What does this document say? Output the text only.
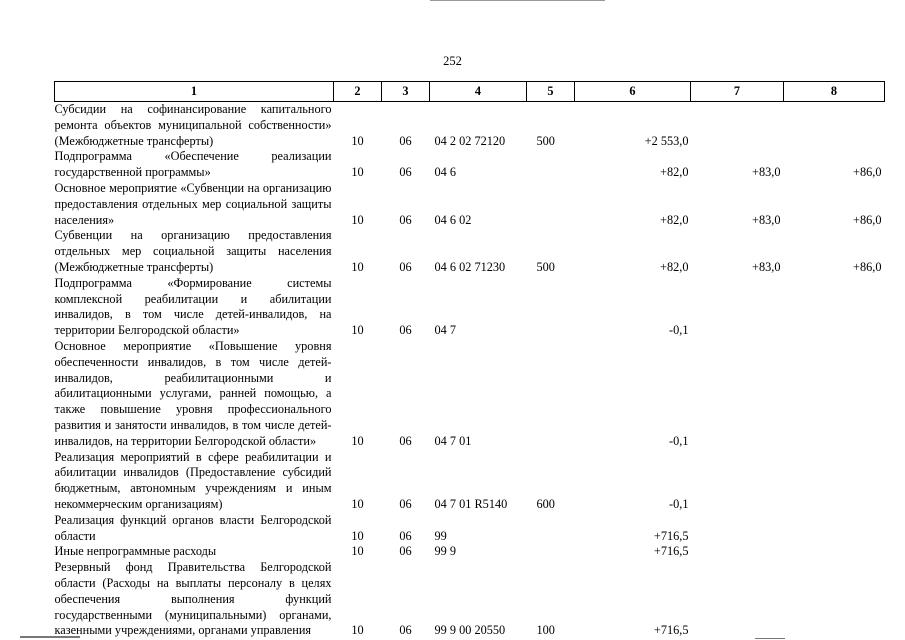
252
1	2	3	4	5	6	7	8
Субсидии на софинансирование капитального ремонта объектов муниципальной собственности» (Межбюджетные трансферты)	10	06	04 2 02 72120	500	+2 553,0		
Подпрограмма «Обеспечение реализации государственной программы»	10	06	04 6		+82,0	+83,0	+86,0
Основное мероприятие «Субвенции на организацию предоставления отдельных мер социальной защиты населения»	10	06	04 6 02		+82,0	+83,0	+86,0
Субвенции на организацию предоставления отдельных мер социальной защиты населения (Межбюджетные трансферты)	10	06	04 6 02 71230	500	+82,0	+83,0	+86,0
Подпрограмма «Формирование системы комплексной реабилитации и абилитации инвалидов, в том числе детей-инвалидов, на территории Белгородской области»	10	06	04 7		-0,1		
Основное мероприятие «Повышение уровня обеспеченности инвалидов, в том числе детей-инвалидов, реабилитационными и абилитационными услугами, ранней помощью, а также повышение уровня профессионального развития и занятости инвалидов, в том числе детей-инвалидов, на территории Белгородской области»	10	06	04 7 01		-0,1		
Реализация мероприятий в сфере реабилитации и абилитации инвалидов (Предоставление субсидий бюджетным, автономным учреждениям и иным некоммерческим организациям)	10	06	04 7 01 R5140	600	-0,1		
Реализация функций органов власти Белгородской области	10	06	99		+716,5		
Иные непрограммные расходы	10	06	99 9		+716,5		
Резервный фонд Правительства Белгородской области (Расходы на выплаты персоналу в целях обеспечения выполнения функций государственными (муниципальными) органами, казенными учреждениями, органами управления	10	06	99 9 00 20550	100	+716,5		
